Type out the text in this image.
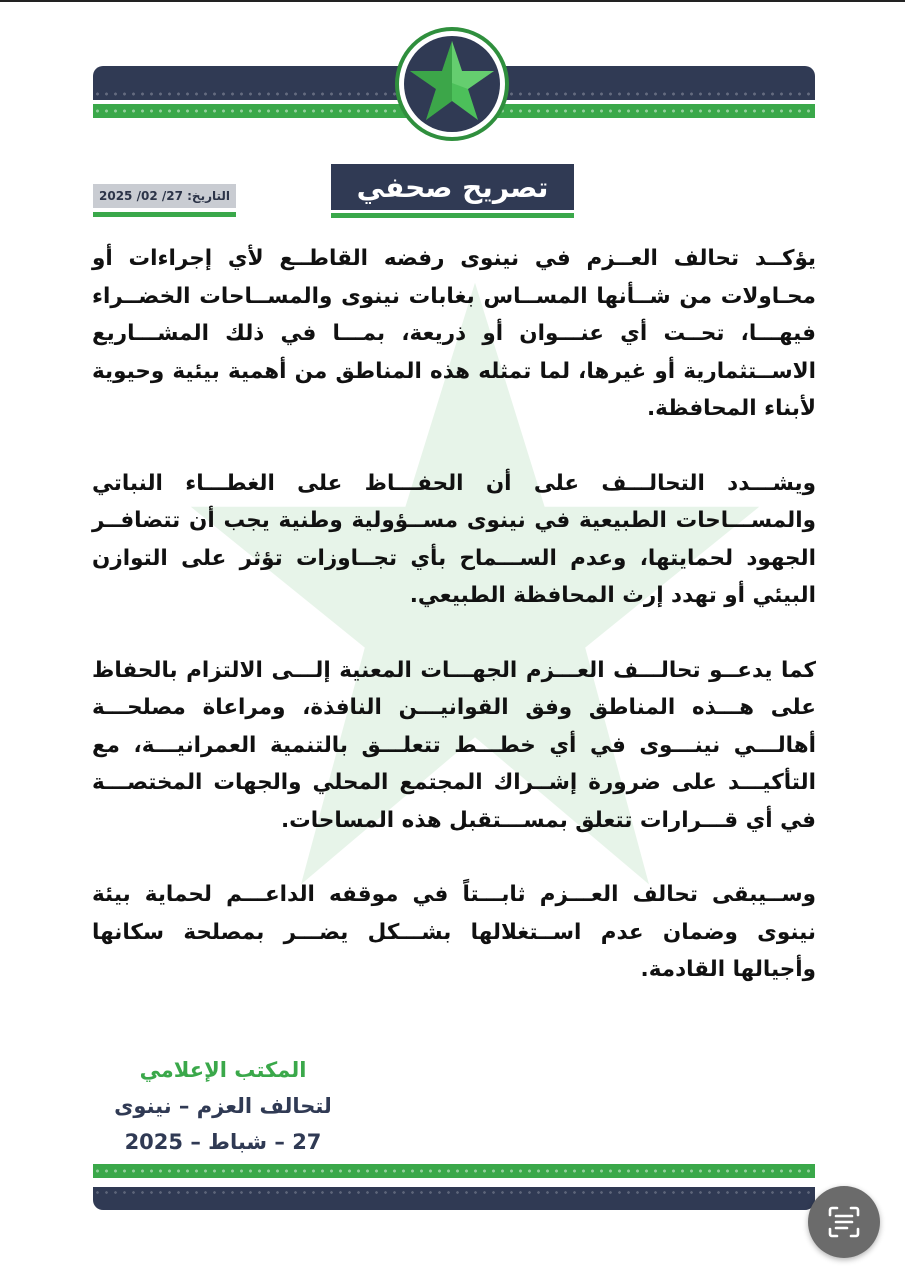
التاريخ: 27/ 02/ 2025	تصريح صحفي

يؤكــد تحالف العــزم في نينوى رفضه القاطــع لأي إجراءات أو محـاولات من شــأنها المســاس بغابات نينوى والمســاحات الخضــراء فيهـــا، تحــت أي عنـــوان أو ذريعة، بمـــا في ذلك المشـــاريع الاســتثمارية أو غيرها، لما تمثله هذه المناطق من أهمية بيئية وحيوية لأبناء المحافظة.

ويشـــدد التحالـــف على أن الحفـــاظ على الغطـــاء النباتي والمســـاحات الطبيعية في نينوى مســؤولية وطنية يجب أن تتضافــر الجهود لحمايتها، وعدم الســـماح بأي تجــاوزات تؤثر على التوازن البيئي أو تهدد إرث المحافظة الطبيعي.

كما يدعــو تحالـــف العـــزم الجهـــات المعنية إلـــى الالتزام بالحفاظ على هـــذه المناطق وفق القوانيـــن النافذة، ومراعاة مصلحـــة أهالـــي نينـــوى في أي خطـــط تتعلـــق بالتنمية العمرانيـــة، مع التأكيـــد على ضرورة إشــراك المجتمع المحلي والجهات المختصـــة في أي قـــرارات تتعلق بمســـتقبل هذه المساحات.

وســيبقى تحالف العـــزم ثابـــتاً في موقفه الداعـــم لحماية بيئة نينوى وضمان عدم اســتغلالها بشـــكل يضـــر بمصلحة سكانها وأجيالها القادمة.

المكتب الإعلامي
لتحالف العزم – نينوى
27 – شباط – 2025
